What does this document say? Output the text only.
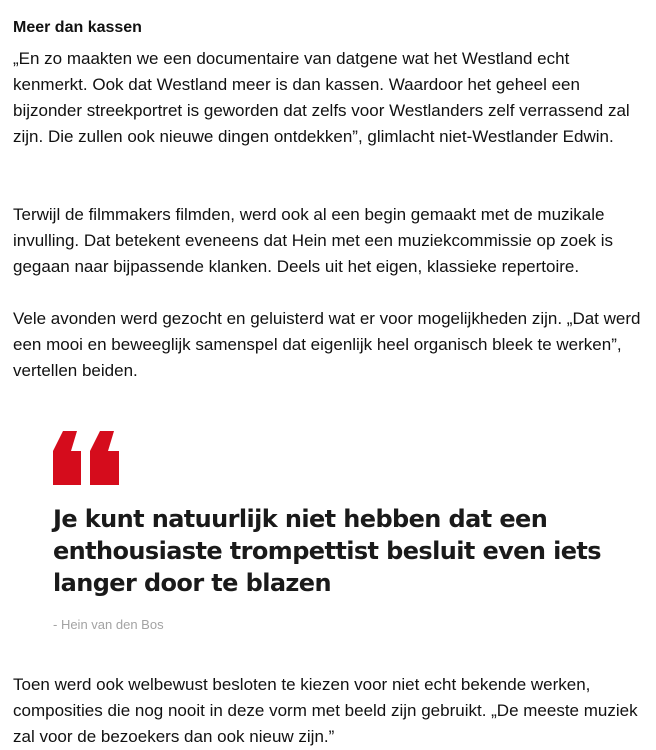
Meer dan kassen

„En zo maakten we een documentaire van datgene wat het Westland echt kenmerkt. Ook dat Westland meer is dan kassen. Waardoor het geheel een bijzonder streekportret is geworden dat zelfs voor Westlanders zelf verrassend zal zijn. Die zullen ook nieuwe dingen ontdekken”, glimlacht niet-Westlander Edwin.

Terwijl de filmmakers filmden, werd ook al een begin gemaakt met de muzikale invulling. Dat betekent eveneens dat Hein met een muziekcommissie op zoek is gegaan naar bijpassende klanken. Deels uit het eigen, klassieke repertoire.

Vele avonden werd gezocht en geluisterd wat er voor mogelijkheden zijn. „Dat werd een mooi en beweeglijk samenspel dat eigenlijk heel organisch bleek te werken”, vertellen beiden.

Toen werd ook welbewust besloten te kiezen voor niet echt bekende werken, composities die nog nooit in deze vorm met beeld zijn gebruikt. „De meeste muziek zal voor de bezoekers dan ook nieuw zijn.”

Je kunt natuurlijk niet hebben dat een enthousiaste trompettist besluit even iets langer door te blazen

- Hein van den Bos
